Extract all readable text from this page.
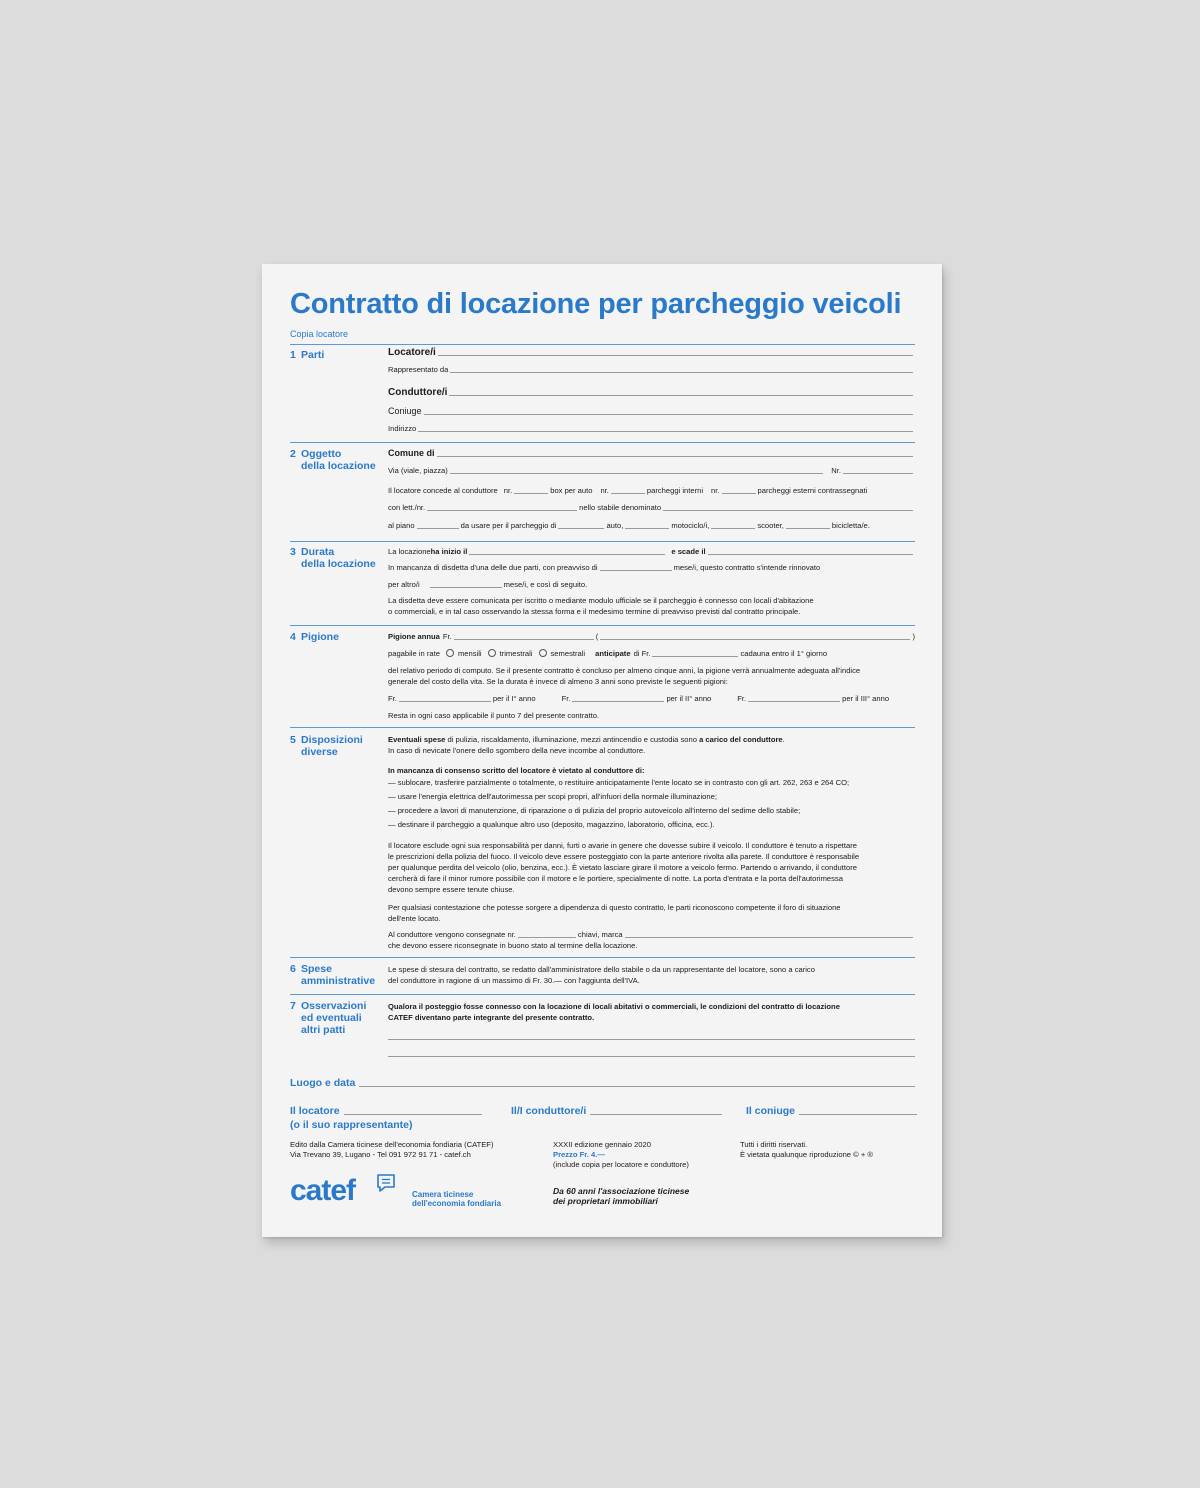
Contratto di locazione per parcheggio veicoli
Copia locatore
1 Parti	Locatore/i
Rappresentato da
Conduttore/i
Coniuge
Indirizzo
2 Oggetto
della locazione
Comune di
Via (viale, piazza)	Nr.
Il locatore concede al conduttore nr.	box per auto nr.	parcheggi interni nr.	parcheggi esterni contrassegnati
con lett./nr.	nello stabile denominato
al piano	da usare per il parcheggio di	auto,	motociclo/i,	scooter,	bicicletta/e.
3 Durata
della locazione
La locazione ha inizio il	e scade il
In mancanza di disdetta d'una delle due parti, con preavviso di	mese/i, questo contratto s'intende rinnovato
per altro/i	mese/i, e così di seguito.
La disdetta deve essere comunicata per iscritto o mediante modulo ufficiale se il parcheggio è connesso con locali d'abitazione
o commerciali, e in tal caso osservando la stessa forma e il medesimo termine di preavviso previsti dal contratto principale.
4 Pigione	Pigione annua Fr.	(	)
pagabile in rate mensili trimestrali semestrali anticipate di Fr.	cadauna entro il 1° giorno
del relativo periodo di computo. Se il presente contratto è concluso per almeno cinque anni, la pigione verrà annualmente adeguata all'indice
generale del costo della vita. Se la durata è invece di almeno 3 anni sono previste le seguenti pigioni:
Fr.	per il I° anno	Fr.	per il II° anno	Fr.	per il III° anno
Resta in ogni caso applicabile il punto 7 del presente contratto.
5 Disposizioni
diverse
Eventuali spese di pulizia, riscaldamento, illuminazione, mezzi antincendio e custodia sono a carico del conduttore.
In caso di nevicate l'onere dello sgombero della neve incombe al conduttore.
In mancanza di consenso scritto del locatore è vietato al conduttore di:
— sublocare, trasferire parzialmente o totalmente, o restituire anticipatamente l'ente locato se in contrasto con gli art. 262, 263 e 264 CO;
— usare l'energia elettrica dell'autorimessa per scopi propri, all'infuori della normale illuminazione;
— procedere a lavori di manutenzione, di riparazione o di pulizia del proprio autoveicolo all'interno del sedime dello stabile;
— destinare il parcheggio a qualunque altro uso (deposito, magazzino, laboratorio, officina, ecc.).
Il locatore esclude ogni sua responsabilità per danni, furti o avarie in genere che dovesse subire il veicolo. Il conduttore è tenuto a rispettare
le prescrizioni della polizia del fuoco. Il veicolo deve essere posteggiato con la parte anteriore rivolta alla parete. Il conduttore è responsabile
per qualunque perdita del veicolo (olio, benzina, ecc.). È vietato lasciare girare il motore a veicolo fermo. Partendo o arrivando, il conduttore
cercherà di fare il minor rumore possibile con il motore e le portiere, specialmente di notte. La porta d'entrata e la porta dell'autorimessa
devono sempre essere tenute chiuse.
Per qualsiasi contestazione che potesse sorgere a dipendenza di questo contratto, le parti riconoscono competente il foro di situazione
dell'ente locato.
Al conduttore vengono consegnate nr.	chiavi, marca
che devono essere riconsegnate in buono stato al termine della locazione.
6 Spese
amministrative
Le spese di stesura del contratto, se redatto dall'amministratore dello stabile o da un rappresentante del locatore, sono a carico
del conduttore in ragione di un massimo di Fr. 30.— con l'aggiunta dell'IVA.
7 Osservazioni
ed eventuali
altri patti
Qualora il posteggio fosse connesso con la locazione di locali abitativi o commerciali, le condizioni del contratto di locazione
CATEF diventano parte integrante del presente contratto.
Luogo e data
Il locatore
(o il suo rappresentante)
Il/I conduttore/i	Il coniuge
Edito dalla Camera ticinese dell'economia fondiaria (CATEF)
Via Trevano 39, Lugano - Tel 091 972 91 71 - catef.ch
XXXII edizione gennaio 2020
Prezzo Fr. 4.—
(include copia per locatore e conduttore)
Tutti i diritti riservati.
È vietata qualunque riproduzione © + ®
catef	Camera ticinese
dell'economia fondiaria
Da 60 anni l'associazione ticinese
dei proprietari immobiliari
